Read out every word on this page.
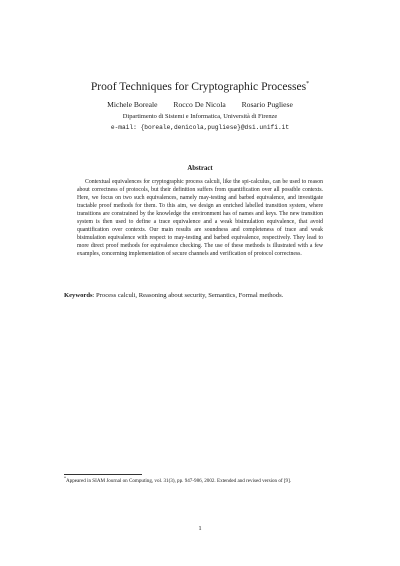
Proof Techniques for Cryptographic Processes*
Michele Boreale Rocco De Nicola Rosario Pugliese
Dipartimento di Sistemi e Informatica, Università di Firenze
e-mail: {boreale,denicola,pugliese}@dsi.unifi.it
Abstract
Contextual equivalences for cryptographic process calculi, like the spi-calculus, can be used to reason about correctness of protocols, but their definition suffers from quantification over all possible contexts. Here, we focus on two such equivalences, namely may-testing and barbed equivalence, and investigate tractable proof methods for them. To this aim, we design an enriched labelled transition system, where transitions are constrained by the knowledge the environment has of names and keys. The new transition system is then used to define a trace equivalence and a weak bisimulation equivalence, that avoid quantification over contexts. Our main results are soundness and completeness of trace and weak bisimulation equivalence with respect to may-testing and barbed equivalence, respectively. They lead to more direct proof methods for equivalence checking. The use of these methods is illustrated with a few examples, concerning implementation of secure channels and verification of protocol correctness.
Keywords: Process calculi, Reasoning about security, Semantics, Formal methods.
*Appeared in SIAM Journal on Computing, vol. 31(3), pp. 947-986, 2002. Extended and revised version of [9].
1
